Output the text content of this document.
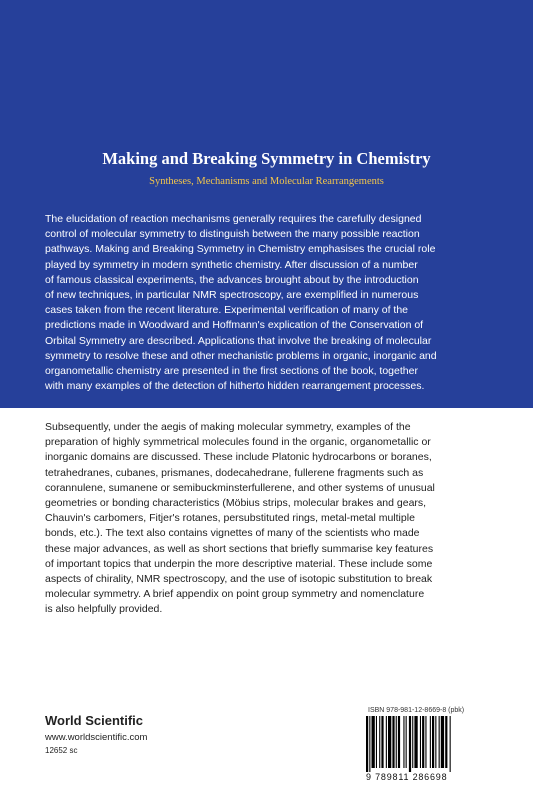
Making and Breaking Symmetry in Chemistry
Syntheses, Mechanisms and Molecular Rearrangements
The elucidation of reaction mechanisms generally requires the carefully designed
control of molecular symmetry to distinguish between the many possible reaction
pathways. Making and Breaking Symmetry in Chemistry emphasises the crucial role
played by symmetry in modern synthetic chemistry. After discussion of a number
of famous classical experiments, the advances brought about by the introduction
of new techniques, in particular NMR spectroscopy, are exemplified in numerous
cases taken from the recent literature. Experimental verification of many of the
predictions made in Woodward and Hoffmann's explication of the Conservation of
Orbital Symmetry are described. Applications that involve the breaking of molecular
symmetry to resolve these and other mechanistic problems in organic, inorganic and
organometallic chemistry are presented in the first sections of the book, together
with many examples of the detection of hitherto hidden rearrangement processes.
Subsequently, under the aegis of making molecular symmetry, examples of the
preparation of highly symmetrical molecules found in the organic, organometallic or
inorganic domains are discussed. These include Platonic hydrocarbons or boranes,
tetrahedranes, cubanes, prismanes, dodecahedrane, fullerene fragments such as
corannulene, sumanene or semibuckminsterfullerene, and other systems of unusual
geometries or bonding characteristics (Möbius strips, molecular brakes and gears,
Chauvin's carbomers, Fitjer's rotanes, persubstituted rings, metal-metal multiple
bonds, etc.). The text also contains vignettes of many of the scientists who made
these major advances, as well as short sections that briefly summarise key features
of important topics that underpin the more descriptive material. These include some
aspects of chirality, NMR spectroscopy, and the use of isotopic substitution to break
molecular symmetry. A brief appendix on point group symmetry and nomenclature
is also helpfully provided.
World Scientific
www.worldscientific.com
12652 sc
ISBN 978-981-12-8669-8 (pbk)
9 789811 286698
